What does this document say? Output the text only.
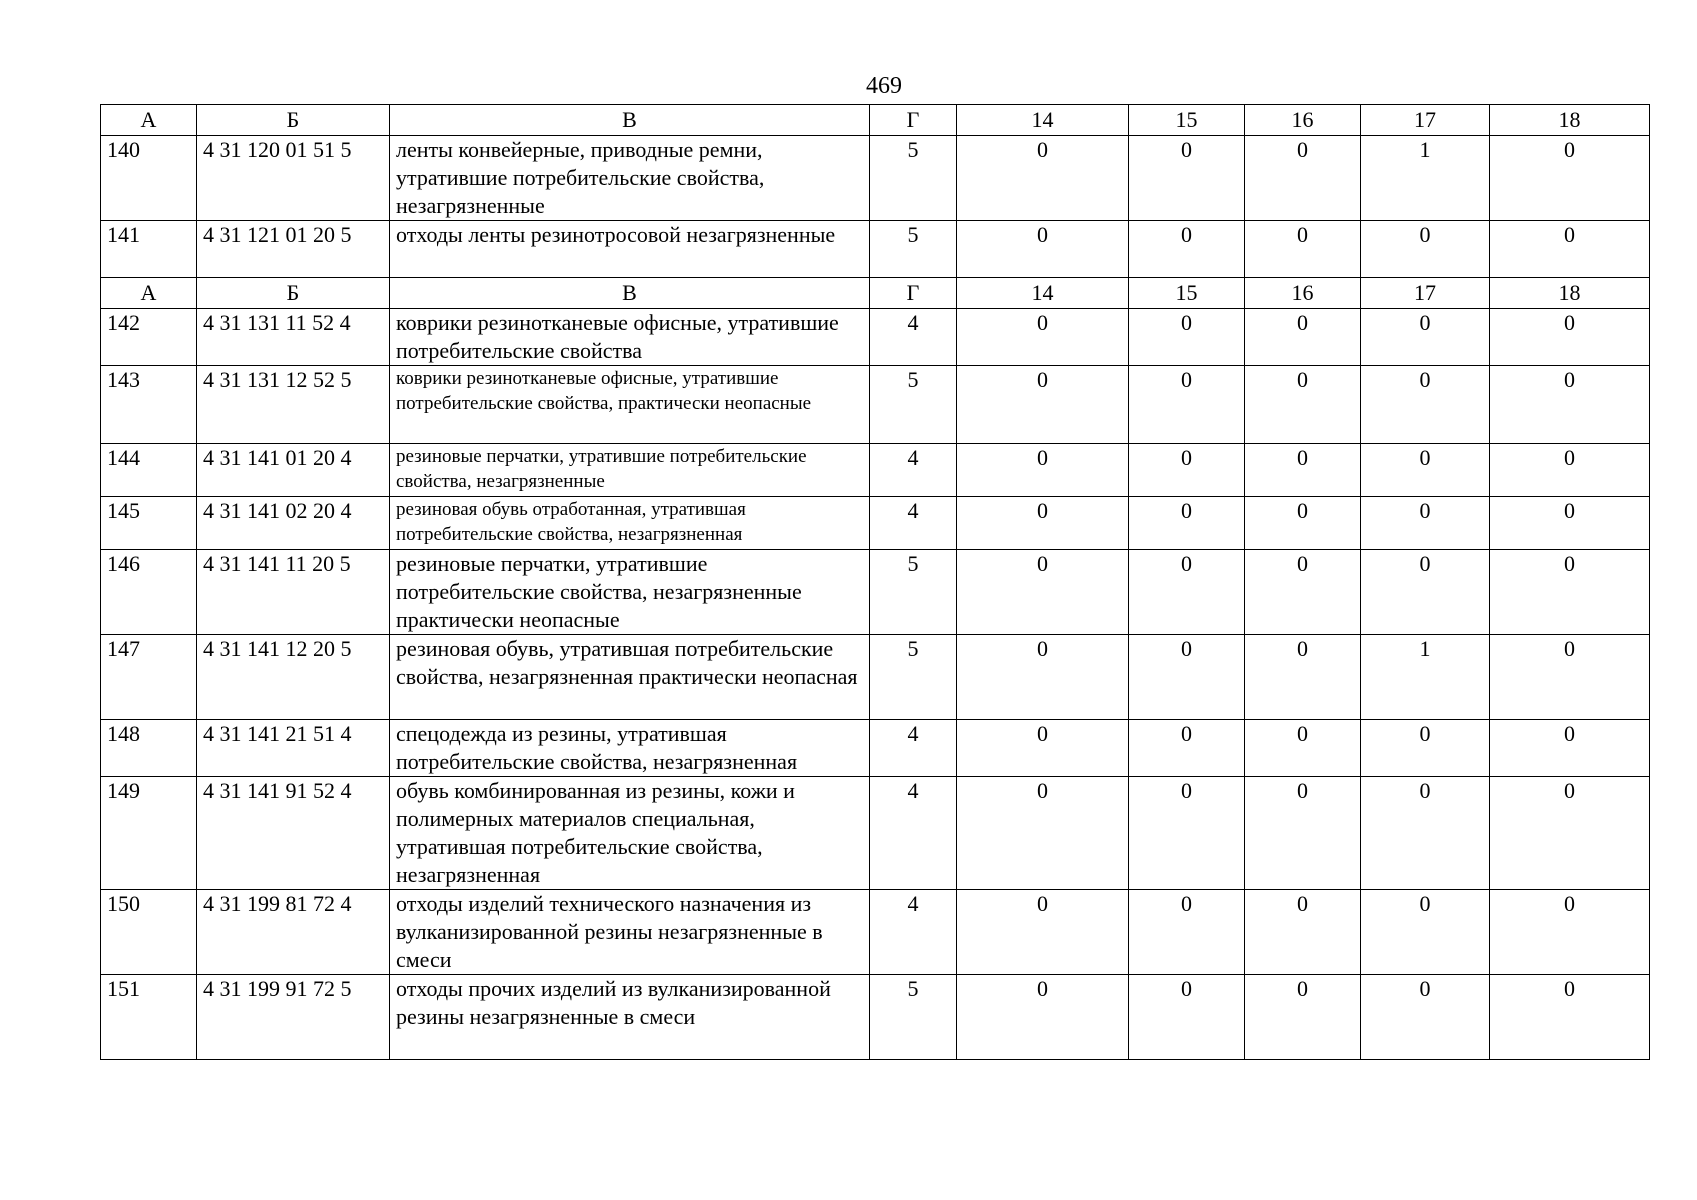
469
А	Б	В	Г	14	15	16	17	18
140	4 31 120 01 51 5	ленты конвейерные, приводные ремни, утратившие потребительские свойства, незагрязненные	5	0	0	0	1	0
141	4 31 121 01 20 5	отходы ленты резинотросовой незагрязненные	5	0	0	0	0	0
А	Б	В	Г	14	15	16	17	18
142	4 31 131 11 52 4	коврики резинотканевые офисные, утратившие потребительские свойства	4	0	0	0	0	0
143	4 31 131 12 52 5	коврики резинотканевые офисные, утратившие потребительские свойства, практически неопасные	5	0	0	0	0	0
144	4 31 141 01 20 4	резиновые перчатки, утратившие потребительские свойства, незагрязненные	4	0	0	0	0	0
145	4 31 141 02 20 4	резиновая обувь отработанная, утратившая потребительские свойства, незагрязненная	4	0	0	0	0	0
146	4 31 141 11 20 5	резиновые перчатки, утратившие потребительские свойства, незагрязненные практически неопасные	5	0	0	0	0	0
147	4 31 141 12 20 5	резиновая обувь, утратившая потребительские свойства, незагрязненная практически неопасная	5	0	0	0	1	0
148	4 31 141 21 51 4	спецодежда из резины, утратившая потребительские свойства, незагрязненная	4	0	0	0	0	0
149	4 31 141 91 52 4	обувь комбинированная из резины, кожи и полимерных материалов специальная, утратившая потребительские свойства, незагрязненная	4	0	0	0	0	0
150	4 31 199 81 72 4	отходы изделий технического назначения из вулканизированной резины незагрязненные в смеси	4	0	0	0	0	0
151	4 31 199 91 72 5	отходы прочих изделий из вулканизированной резины незагрязненные в смеси	5	0	0	0	0	0
